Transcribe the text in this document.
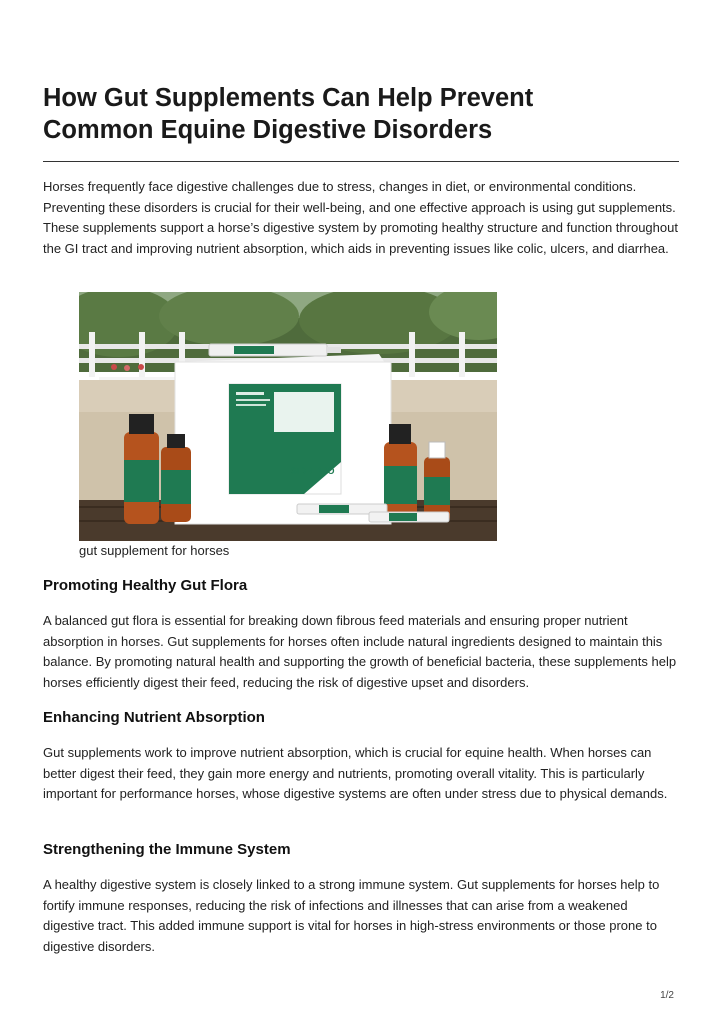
How Gut Supplements Can Help Prevent Common Equine Digestive Disorders

Horses frequently face digestive challenges due to stress, changes in diet, or environmental conditions. Preventing these disorders is crucial for their well-being, and one effective approach is using gut supplements. These supplements support a horse’s digestive system by promoting healthy structure and function throughout the GI tract and improving nutrient absorption, which aids in preventing issues like colic, ulcers, and diarrhea.

SIDR PRO
gut supplement for horses
Promoting Healthy Gut Flora

A balanced gut flora is essential for breaking down fibrous feed materials and ensuring proper nutrient absorption in horses. Gut supplements for horses often include natural ingredients designed to maintain this balance. By promoting natural health and supporting the growth of beneficial bacteria, these supplements help horses efficiently digest their feed, reducing the risk of digestive upset and disorders.

Enhancing Nutrient Absorption

Gut supplements work to improve nutrient absorption, which is crucial for equine health. When horses can better digest their feed, they gain more energy and nutrients, promoting overall vitality. This is particularly important for performance horses, whose digestive systems are often under stress due to physical demands.

Strengthening the Immune System

A healthy digestive system is closely linked to a strong immune system. Gut supplements for horses help to fortify immune responses, reducing the risk of infections and illnesses that can arise from a weakened digestive tract. This added immune support is vital for horses in high-stress environments or those prone to digestive disorders.

1/2
